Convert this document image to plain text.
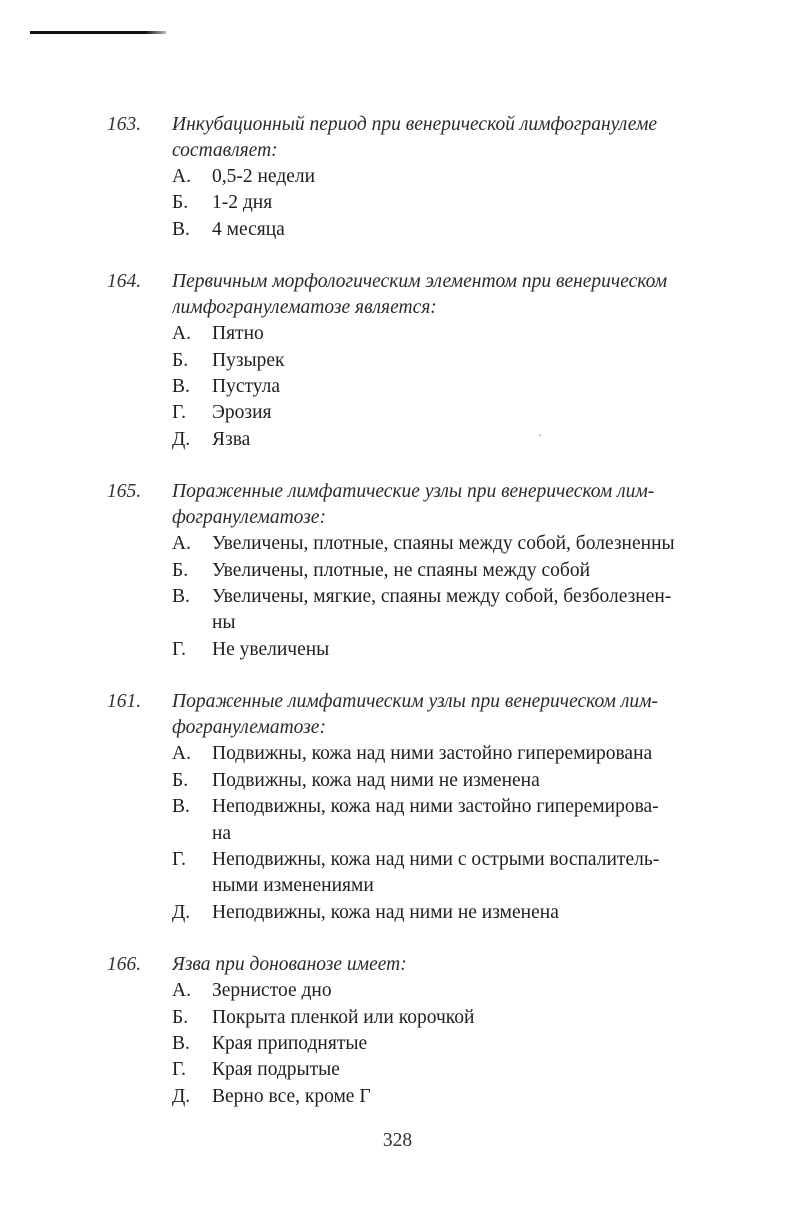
163. Инкубационный период при венерической лимфогранулеме
составляет:
А. 0,5-2 недели
Б. 1-2 дня
В. 4 месяца
164. Первичным морфологическим элементом при венерическом
лимфогранулематозе является:
А. Пятно
Б. Пузырек
В. Пустула
Г. Эрозия
Д. Язва
165. Пораженные лимфатические узлы при венерическом лим-
фогранулематозе:
А. Увеличены, плотные, спаяны между собой, болезненны
Б. Увеличены, плотные, не спаяны между собой
В. Увеличены, мягкие, спаяны между собой, безболезнен-
ны
Г. Не увеличены
161. Пораженные лимфатическим узлы при венерическом лим-
фогранулематозе:
А. Подвижны, кожа над ними застойно гиперемирована
Б. Подвижны, кожа над ними не изменена
В. Неподвижны, кожа над ними застойно гиперемирова-
на
Г. Неподвижны, кожа над ними с острыми воспалитель-
ными изменениями
Д. Неподвижны, кожа над ними не изменена
166. Язва при донованозе имеет:
А. Зернистое дно
Б. Покрыта пленкой или корочкой
В. Края приподнятые
Г. Края подрытые
Д. Верно все, кроме Г
328
